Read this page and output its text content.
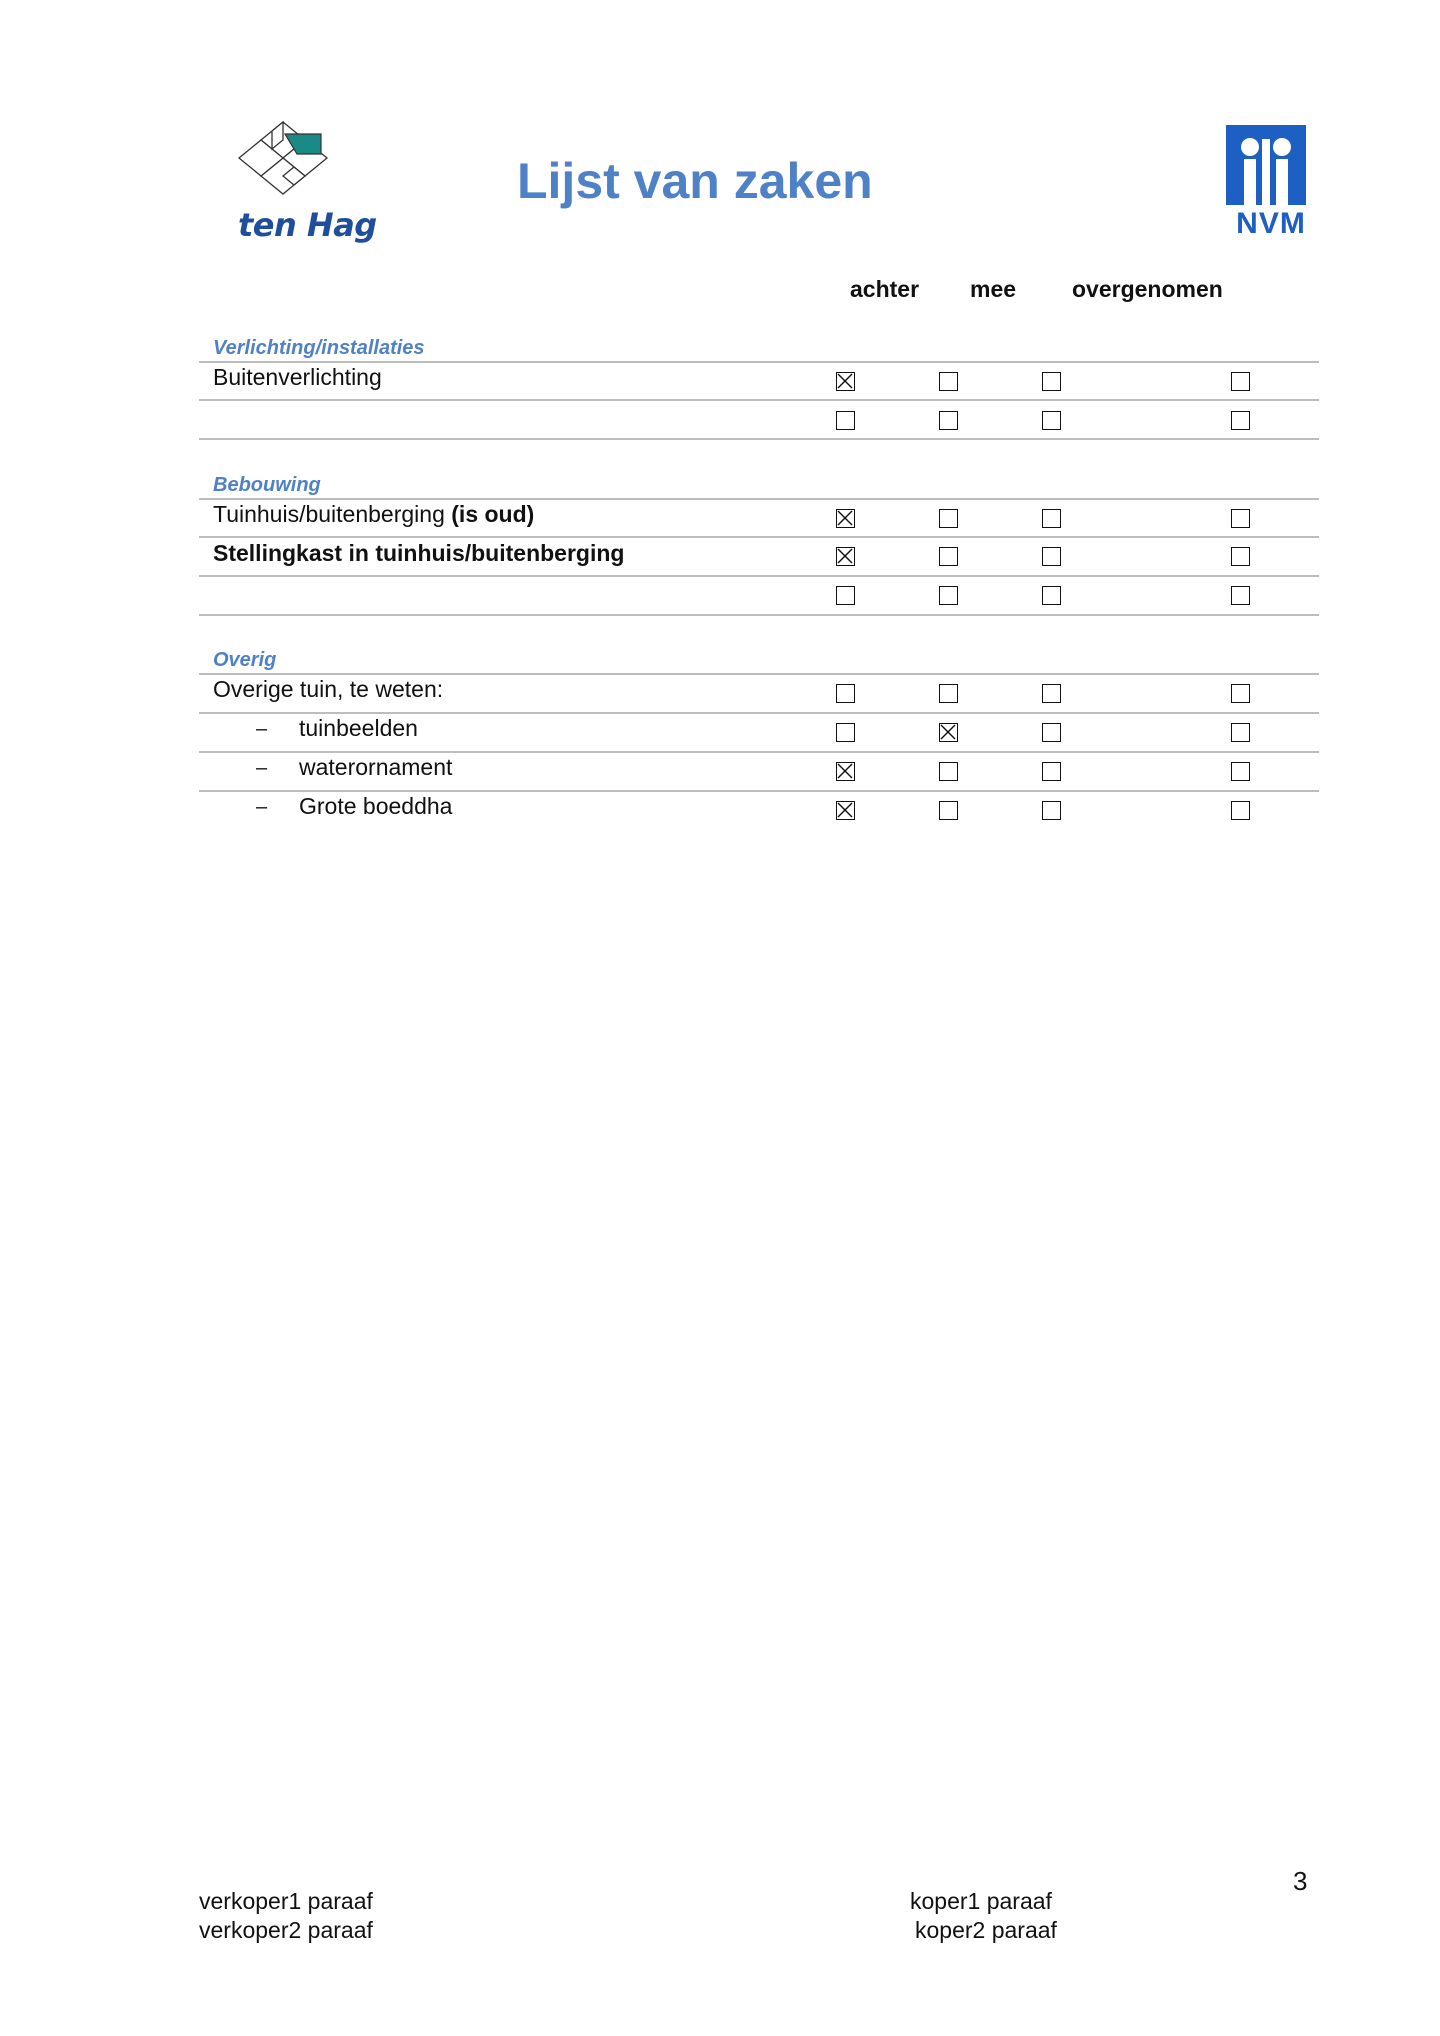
ten Hag
Lijst van zaken
NVM
achter mee overgenomen
Verlichting/installaties
Buitenverlichting
Bebouwing
Tuinhuis/buitenberging (is oud)
Stellingkast in tuinhuis/buitenberging
Overig
Overige tuin, te weten:
– tuinbeelden
– waterornament
– Grote boeddha
3
verkoper1 paraaf
verkoper2 paraaf
koper1 paraaf
koper2 paraaf
